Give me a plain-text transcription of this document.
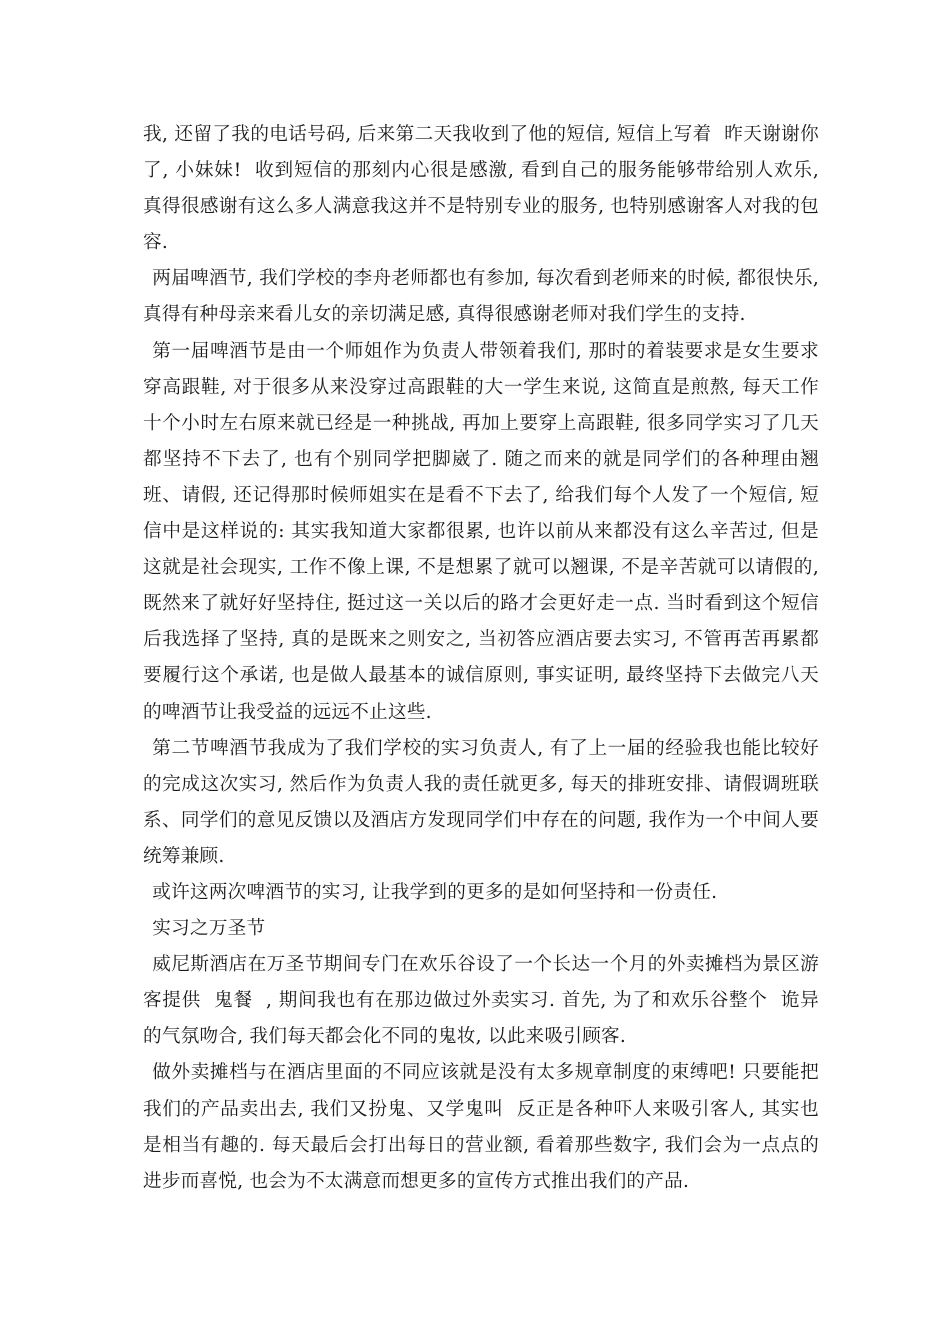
我, 还留了我的电话号码, 后来第二天我收到了他的短信, 短信上写着  昨天谢谢你了, 小妹妹!  收到短信的那刻内心很是感激, 看到自己的服务能够带给别人欢乐, 真得很感谢有这么多人满意我这并不是特别专业的服务, 也特别感谢客人对我的包容.

两届啤酒节, 我们学校的李舟老师都也有参加, 每次看到老师来的时候, 都很快乐, 真得有种母亲来看儿女的亲切满足感, 真得很感谢老师对我们学生的支持.

第一届啤酒节是由一个师姐作为负责人带领着我们, 那时的着装要求是女生要求穿高跟鞋, 对于很多从来没穿过高跟鞋的大一学生来说, 这简直是煎熬, 每天工作十个小时左右原来就已经是一种挑战, 再加上要穿上高跟鞋, 很多同学实习了几天都坚持不下去了, 也有个别同学把脚崴了. 随之而来的就是同学们的各种理由翘班、请假, 还记得那时候师姐实在是看不下去了, 给我们每个人发了一个短信, 短信中是这样说的: 其实我知道大家都很累, 也许以前从来都没有这么辛苦过, 但是这就是社会现实, 工作不像上课, 不是想累了就可以翘课, 不是辛苦就可以请假的, 既然来了就好好坚持住, 挺过这一关以后的路才会更好走一点. 当时看到这个短信后我选择了坚持, 真的是既来之则安之, 当初答应酒店要去实习, 不管再苦再累都要履行这个承诺, 也是做人最基本的诚信原则, 事实证明, 最终坚持下去做完八天的啤酒节让我受益的远远不止这些.

第二节啤酒节我成为了我们学校的实习负责人, 有了上一届的经验我也能比较好的完成这次实习, 然后作为负责人我的责任就更多, 每天的排班安排、请假调班联系、同学们的意见反馈以及酒店方发现同学们中存在的问题, 我作为一个中间人要统筹兼顾.

或许这两次啤酒节的实习, 让我学到的更多的是如何坚持和一份责任.

实习之万圣节

威尼斯酒店在万圣节期间专门在欢乐谷设了一个长达一个月的外卖摊档为景区游客提供  鬼餐  , 期间我也有在那边做过外卖实习. 首先, 为了和欢乐谷整个  诡异  的气氛吻合, 我们每天都会化不同的鬼妆, 以此来吸引顾客.

做外卖摊档与在酒店里面的不同应该就是没有太多规章制度的束缚吧! 只要能把我们的产品卖出去, 我们又扮鬼、又学鬼叫  反正是各种吓人来吸引客人, 其实也是相当有趣的. 每天最后会打出每日的营业额, 看着那些数字, 我们会为一点点的进步而喜悦, 也会为不太满意而想更多的宣传方式推出我们的产品.
